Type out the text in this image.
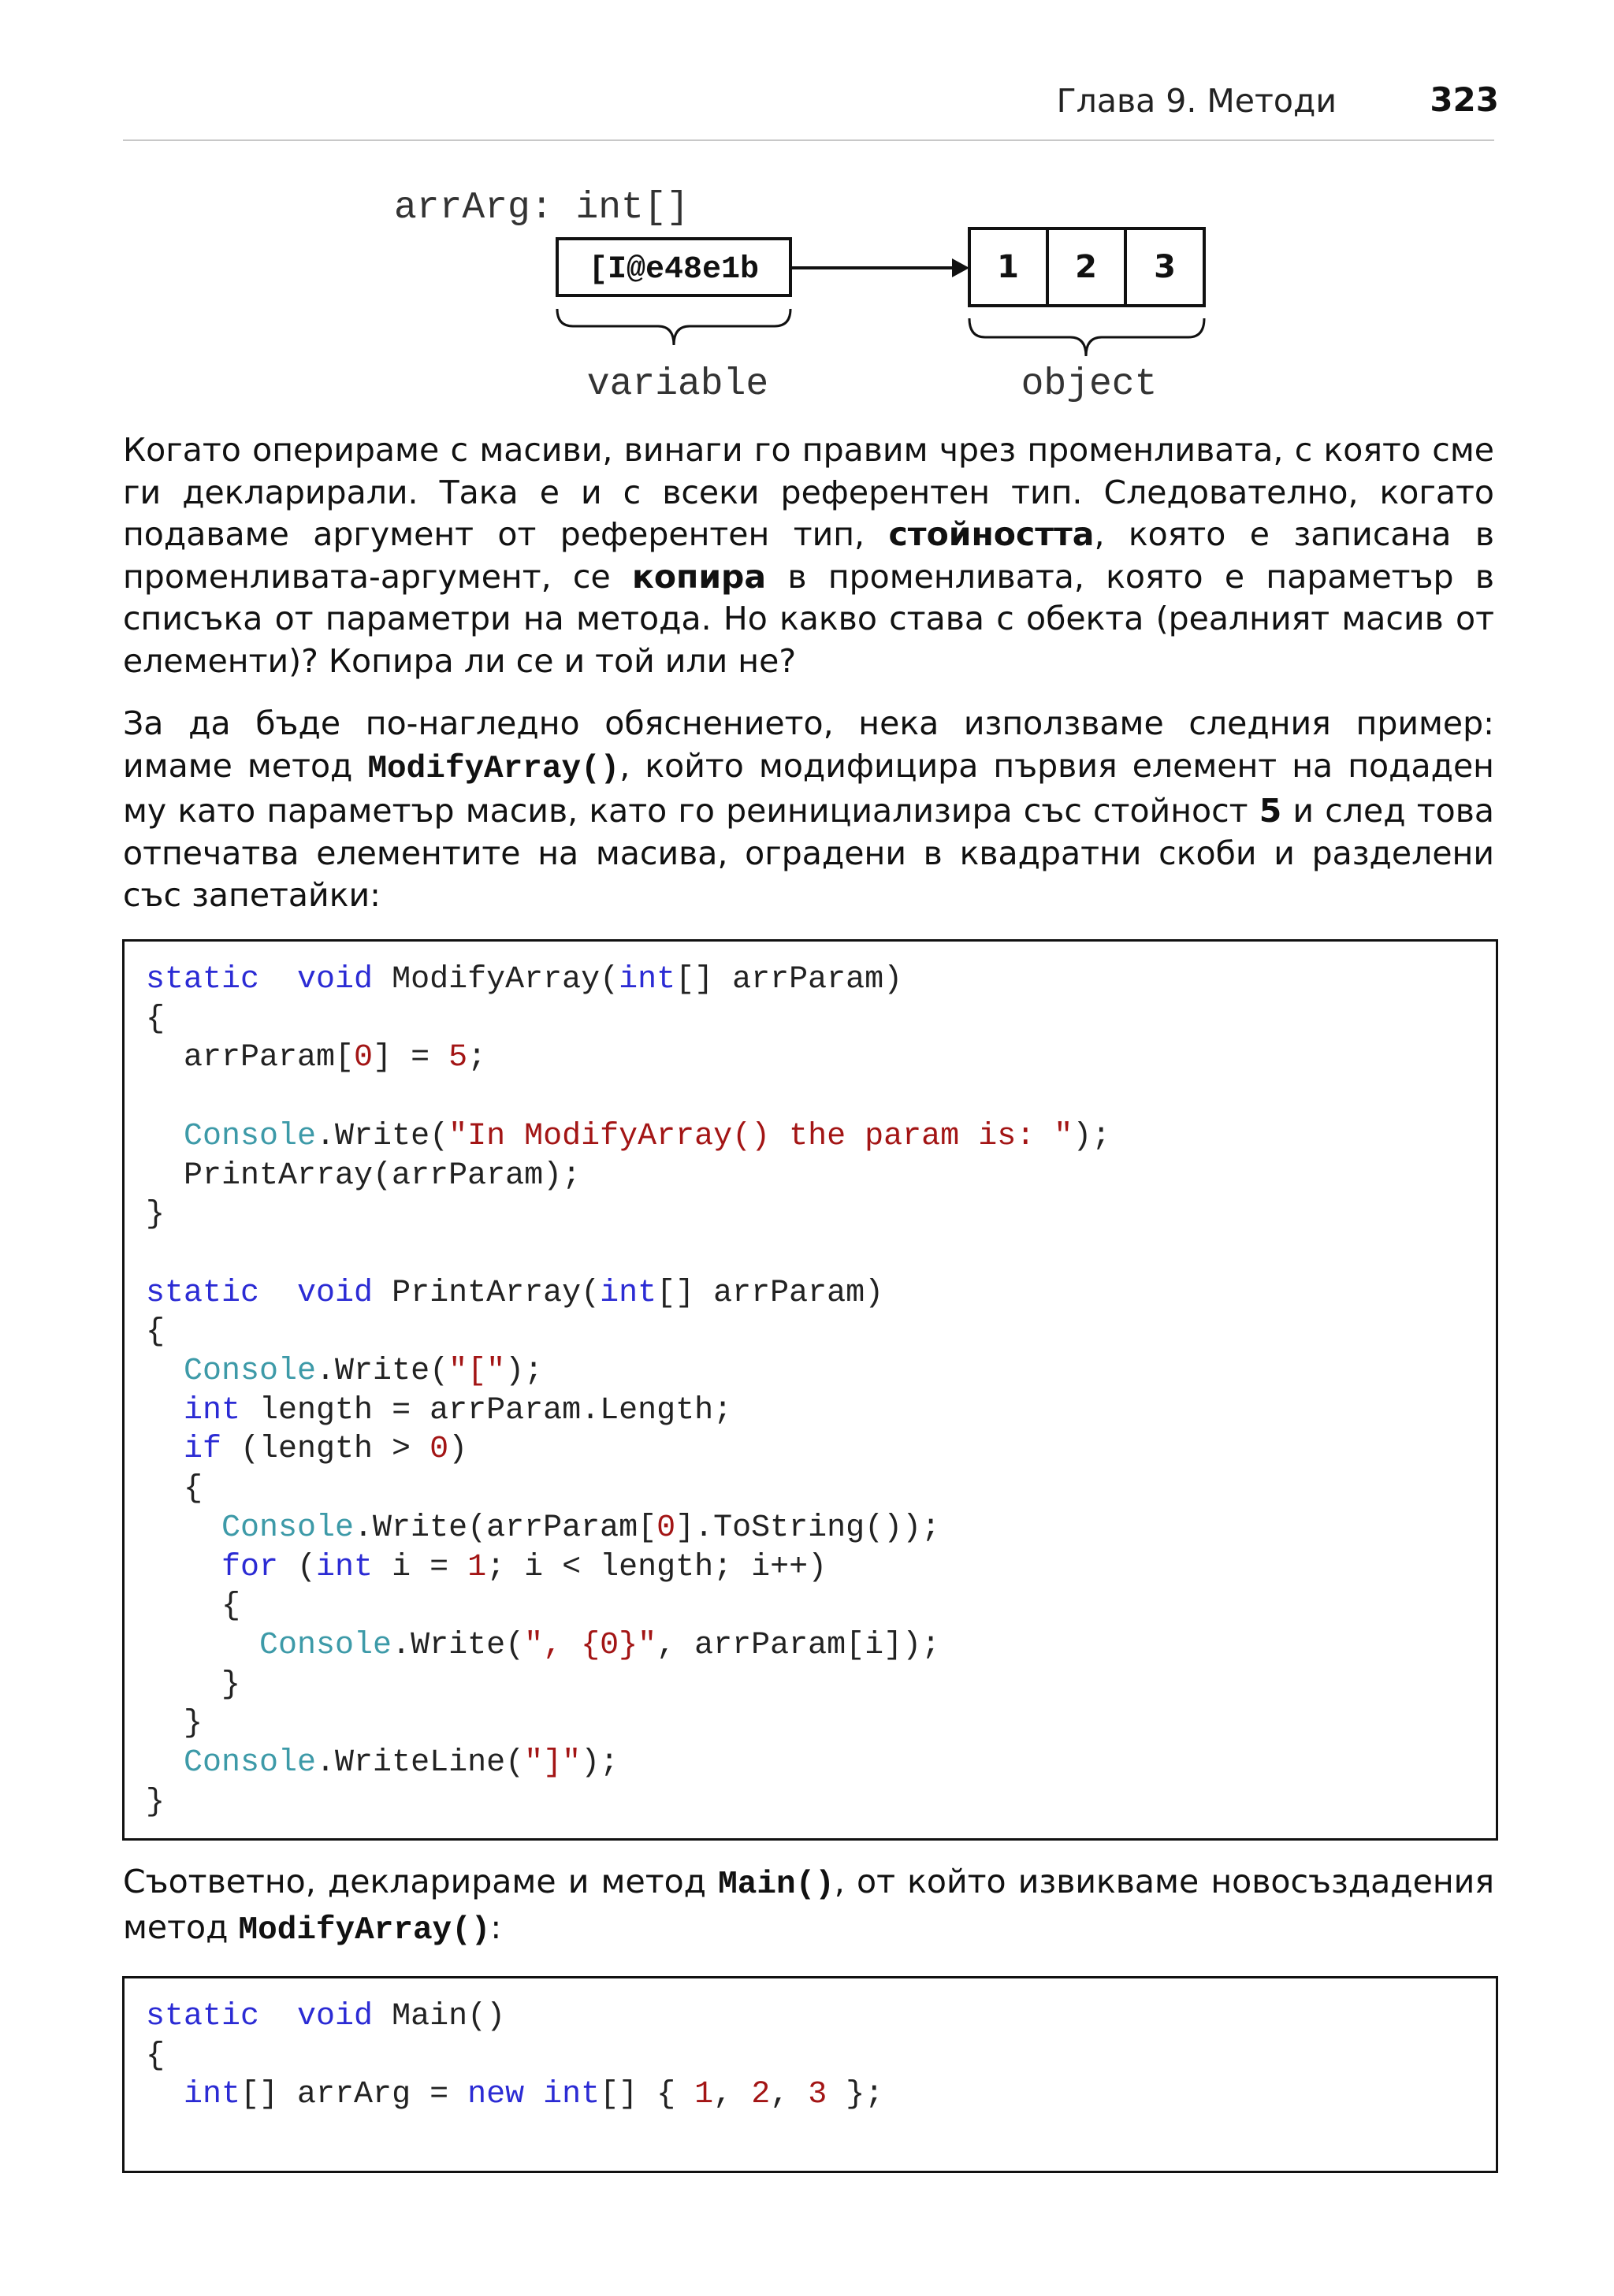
Глава 9. Методи	323
arrArg: int[]
[I@e48e1b	1 2 3
variable	object

Когато оперираме с масиви, винаги го правим чрез променливата, с която сме ги декларирали. Така е и с всеки референтен тип. Следователно, когато подаваме аргумент от референтен тип, стойността, която е записана в променливата-аргумент, се копира в променливата, която е параметър в списъка от параметри на метода. Но какво става с обекта (реалният масив от елементи)? Копира ли се и той или не?

За да бъде по-нагледно обяснението, нека използваме следния пример: имаме метод ModifyArray(), който модифицира първия елемент на подаден му като параметър масив, като го реинициализира със стойност 5 и след това отпечатва елементите на масива, оградени в квадратни скоби и разделени със запетайки:

static void ModifyArray(int[] arrParam)
{
arrParam[0] = 5;
Console.Write("In ModifyArray() the param is: ");
PrintArray(arrParam);
}
static void PrintArray(int[] arrParam)
{
Console.Write("[");
int length = arrParam.Length;
if (length > 0)
{
Console.Write(arrParam[0].ToString());
for (int i = 1; i < length; i++)
{
Console.Write(", {0}", arrParam[i]);
}
}
Console.WriteLine("]");
}

Съответно, декларираме и метод Main(), от който извикваме новосъздадения метод ModifyArray():

static void Main()
{
int[] arrArg = new int[] { 1, 2, 3 };
